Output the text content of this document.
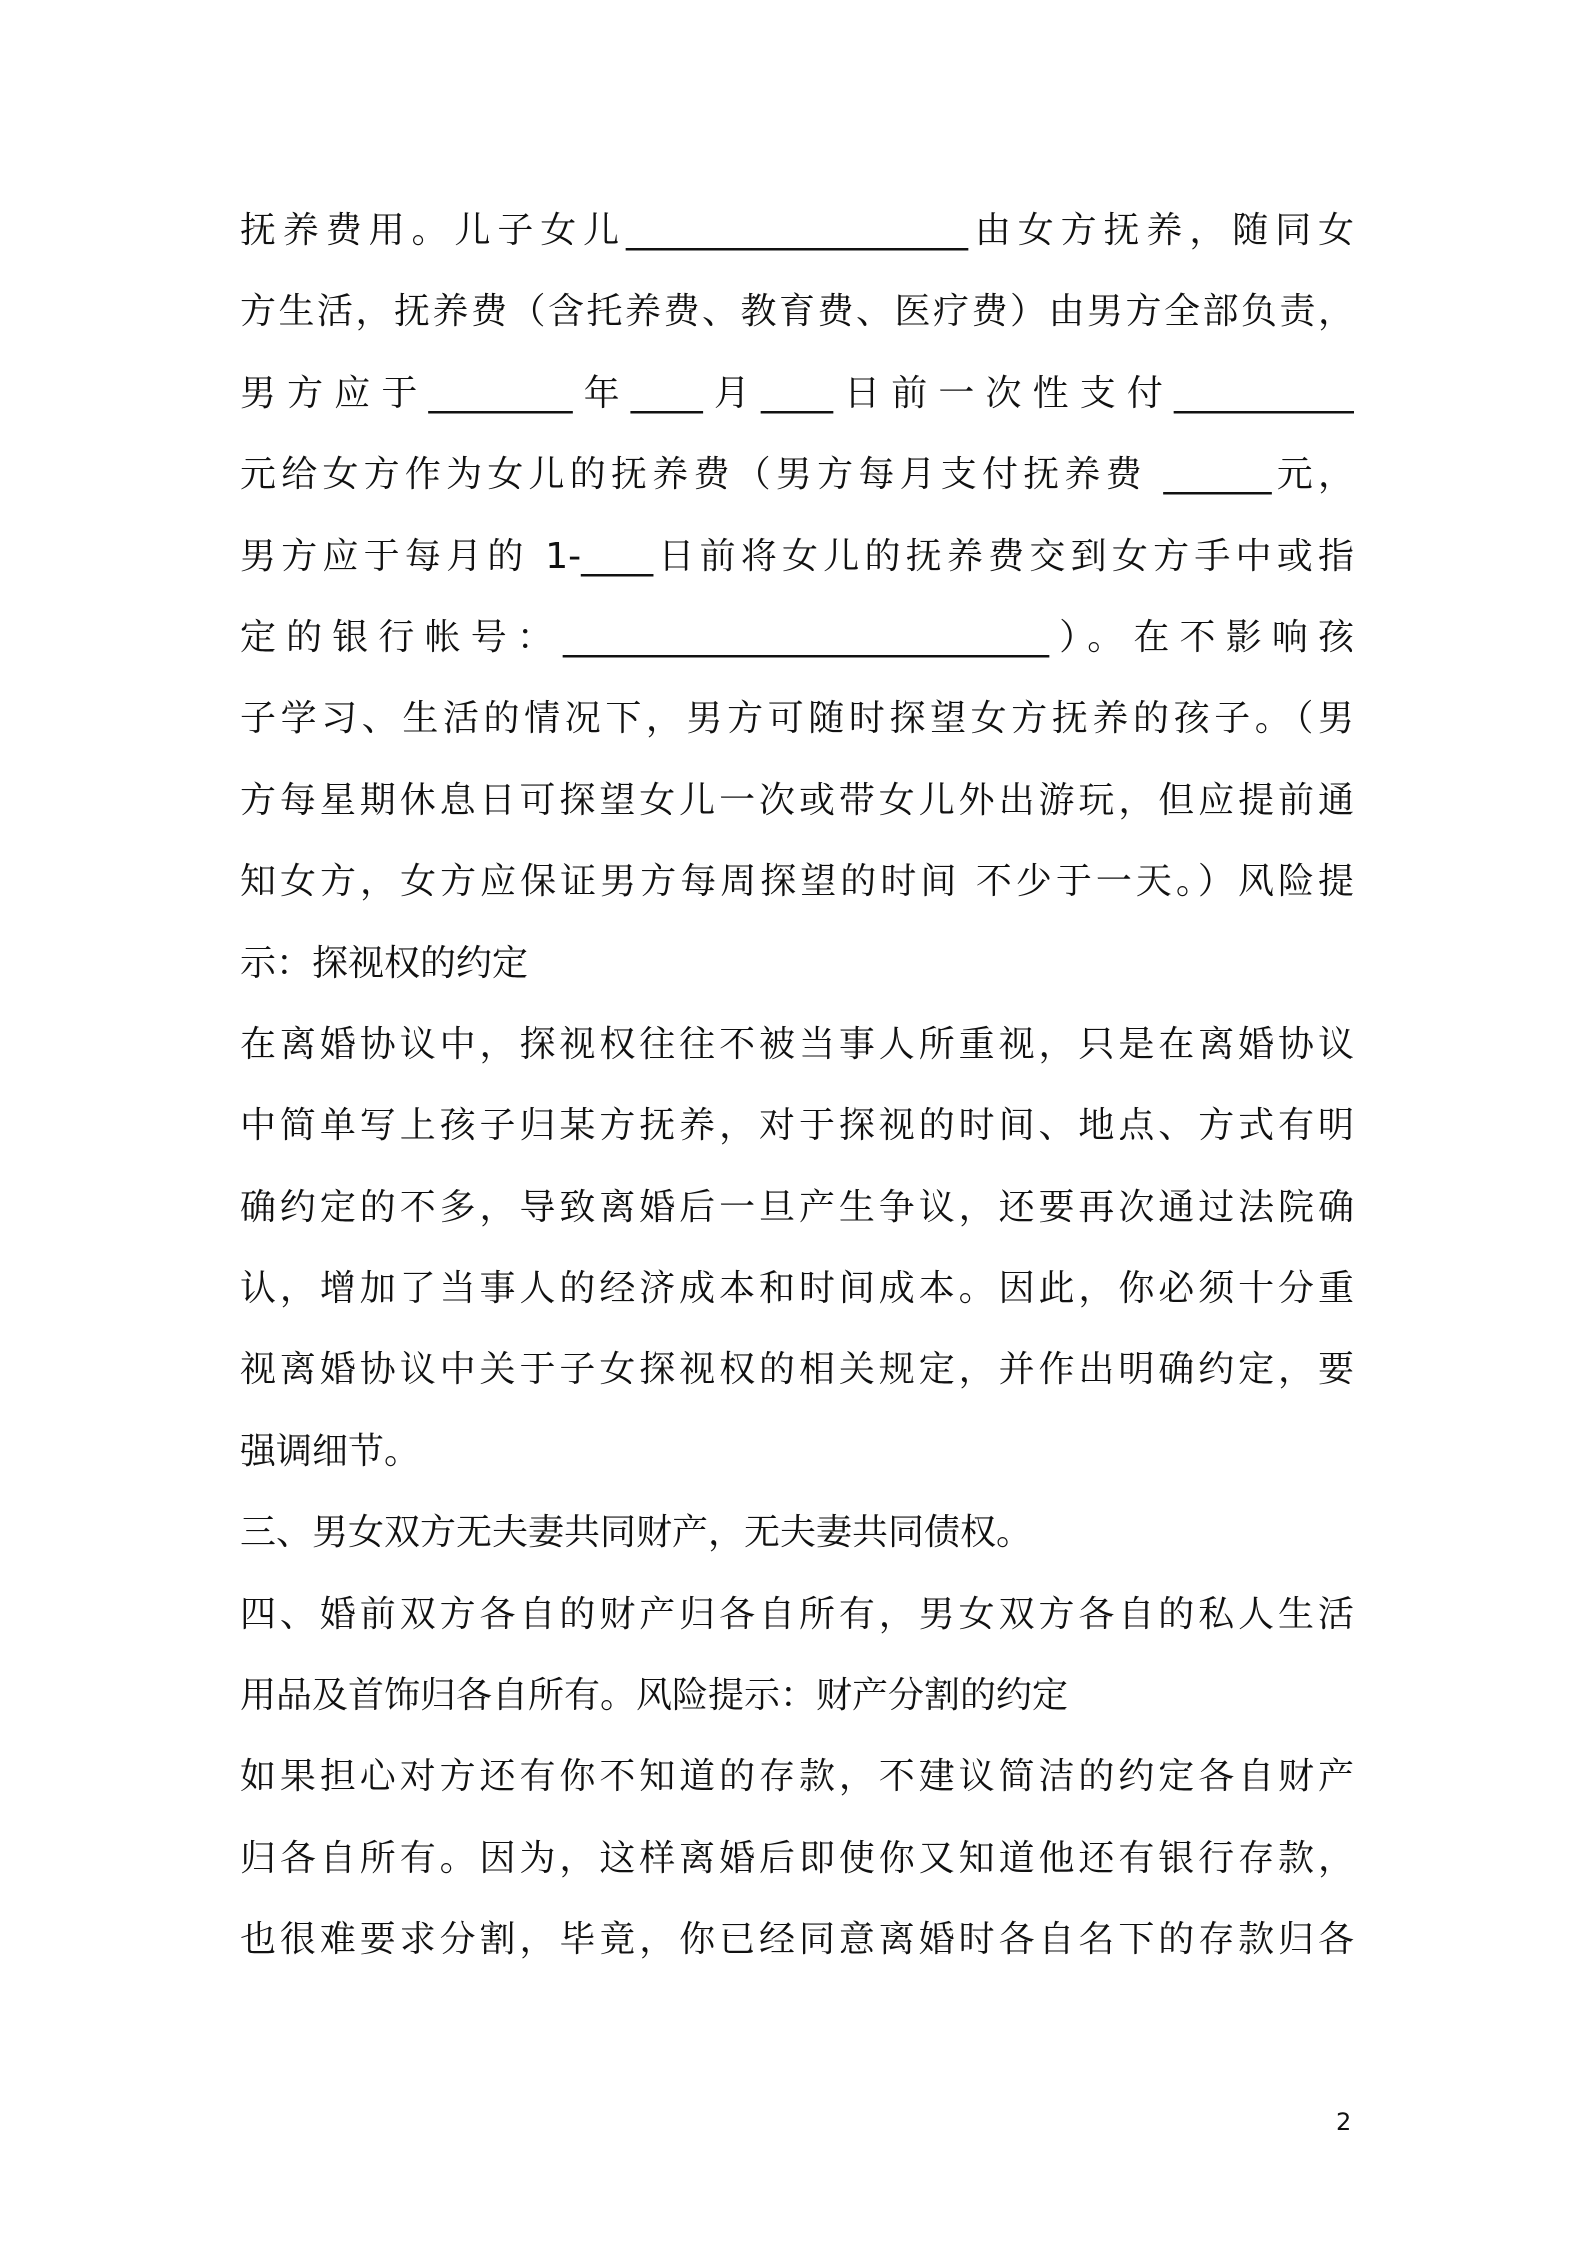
抚养费用。儿子女儿___________________由女方抚养，随同女
方生活，抚养费（含托养费、教育费、医疗费）由男方全部负责，
男方应于________年____月____日前一次性支付__________
元给女方作为女儿的抚养费（男方每月支付抚养费 ______元，
男方应于每月的 1-____日前将女儿的抚养费交到女方手中或指
定的银行帐号：___________________________）。在不影响孩
子学习、生活的情况下，男方可随时探望女方抚养的孩子。（男
方每星期休息日可探望女儿一次或带女儿外出游玩，但应提前通
知女方，女方应保证男方每周探望的时间 不少于一天。）风险提
示：探视权的约定
在离婚协议中，探视权往往不被当事人所重视，只是在离婚协议
中简单写上孩子归某方抚养，对于探视的时间、地点、方式有明
确约定的不多，导致离婚后一旦产生争议，还要再次通过法院确
认，增加了当事人的经济成本和时间成本。因此，你必须十分重
视离婚协议中关于子女探视权的相关规定，并作出明确约定，要
强调细节。
三、男女双方无夫妻共同财产，无夫妻共同债权。
四、婚前双方各自的财产归各自所有，男女双方各自的私人生活
用品及首饰归各自所有。风险提示：财产分割的约定
如果担心对方还有你不知道的存款，不建议简洁的约定各自财产
归各自所有。因为，这样离婚后即使你又知道他还有银行存款，
也很难要求分割，毕竟，你已经同意离婚时各自名下的存款归各
2
